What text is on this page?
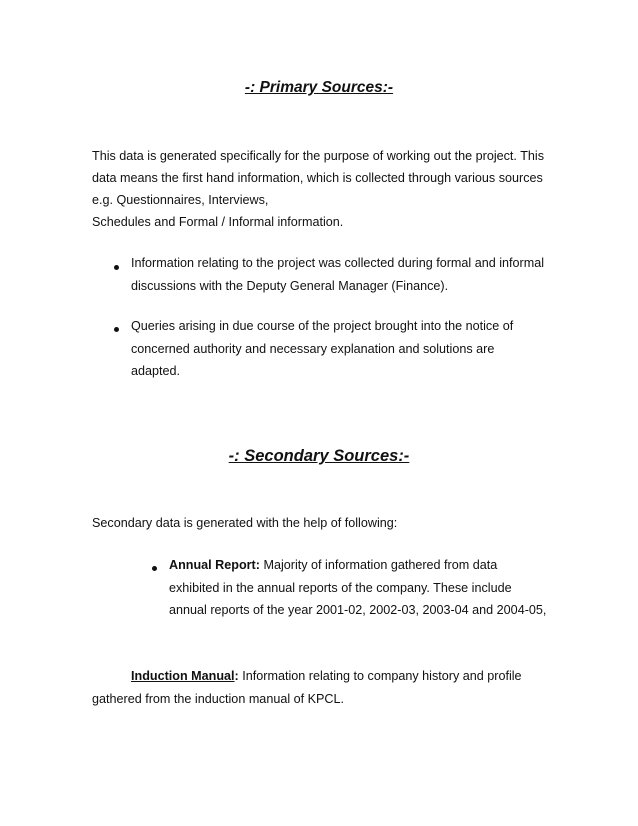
-: Primary Sources:-

This data is generated specifically for the purpose of working out the project. This
data means the first hand information, which is collected through various sources
e.g. Questionnaires, Interviews,
Schedules and Formal / Informal information.

Information relating to the project was collected during formal and informal
discussions with the Deputy General Manager (Finance).

Queries arising in due course of the project brought into the notice of
concerned authority and necessary explanation and solutions are
adapted.

-: Secondary Sources:-

Secondary data is generated with the help of following:

Annual Report: Majority of information gathered from data
exhibited in the annual reports of the company. These include
annual reports of the year 2001-02, 2002-03, 2003-04 and 2004-05,

Induction Manual: Information relating to company history and profile
gathered from the induction manual of KPCL.
